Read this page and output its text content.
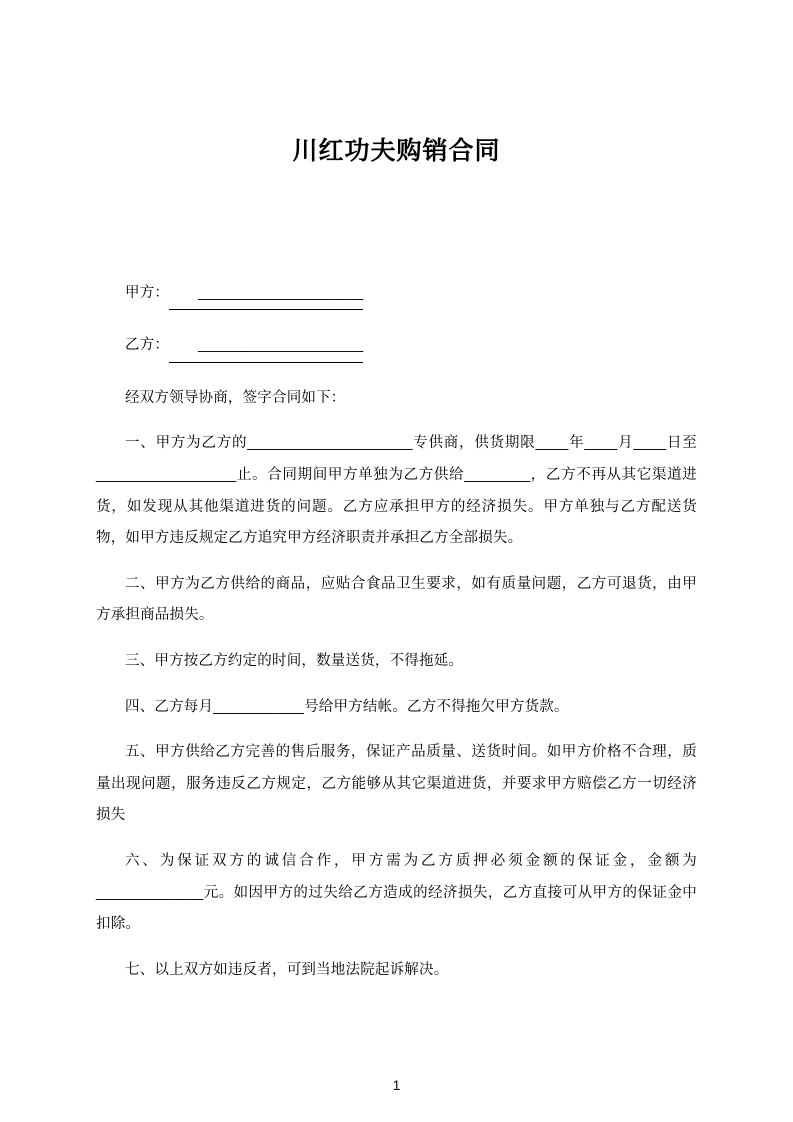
川红功夫购销合同

甲方： ____________________

乙方： ____________________

经双方领导协商，签字合同如下：

一、甲方为乙方的____________________专供商，供货期限____年____月____日至_________________止。合同期间甲方单独为乙方供给________，乙方不再从其它渠道进货，如发现从其他渠道进货的问题。乙方应承担甲方的经济损失。甲方单独与乙方配送货物，如甲方违反规定乙方追究甲方经济职责并承担乙方全部损失。

二、甲方为乙方供给的商品，应贴合食品卫生要求，如有质量问题，乙方可退货，由甲方承担商品损失。

三、甲方按乙方约定的时间，数量送货，不得拖延。

四、乙方每月___________号给甲方结帐。乙方不得拖欠甲方货款。

五、甲方供给乙方完善的售后服务，保证产品质量、送货时间。如甲方价格不合理，质量出现问题，服务违反乙方规定，乙方能够从其它渠道进货，并要求甲方赔偿乙方一切经济损失

六、为保证双方的诚信合作，甲方需为乙方质押必须金额的保证金，金额为_____________元。如因甲方的过失给乙方造成的经济损失，乙方直接可从甲方的保证金中扣除。

七、以上双方如违反者，可到当地法院起诉解决。

1
